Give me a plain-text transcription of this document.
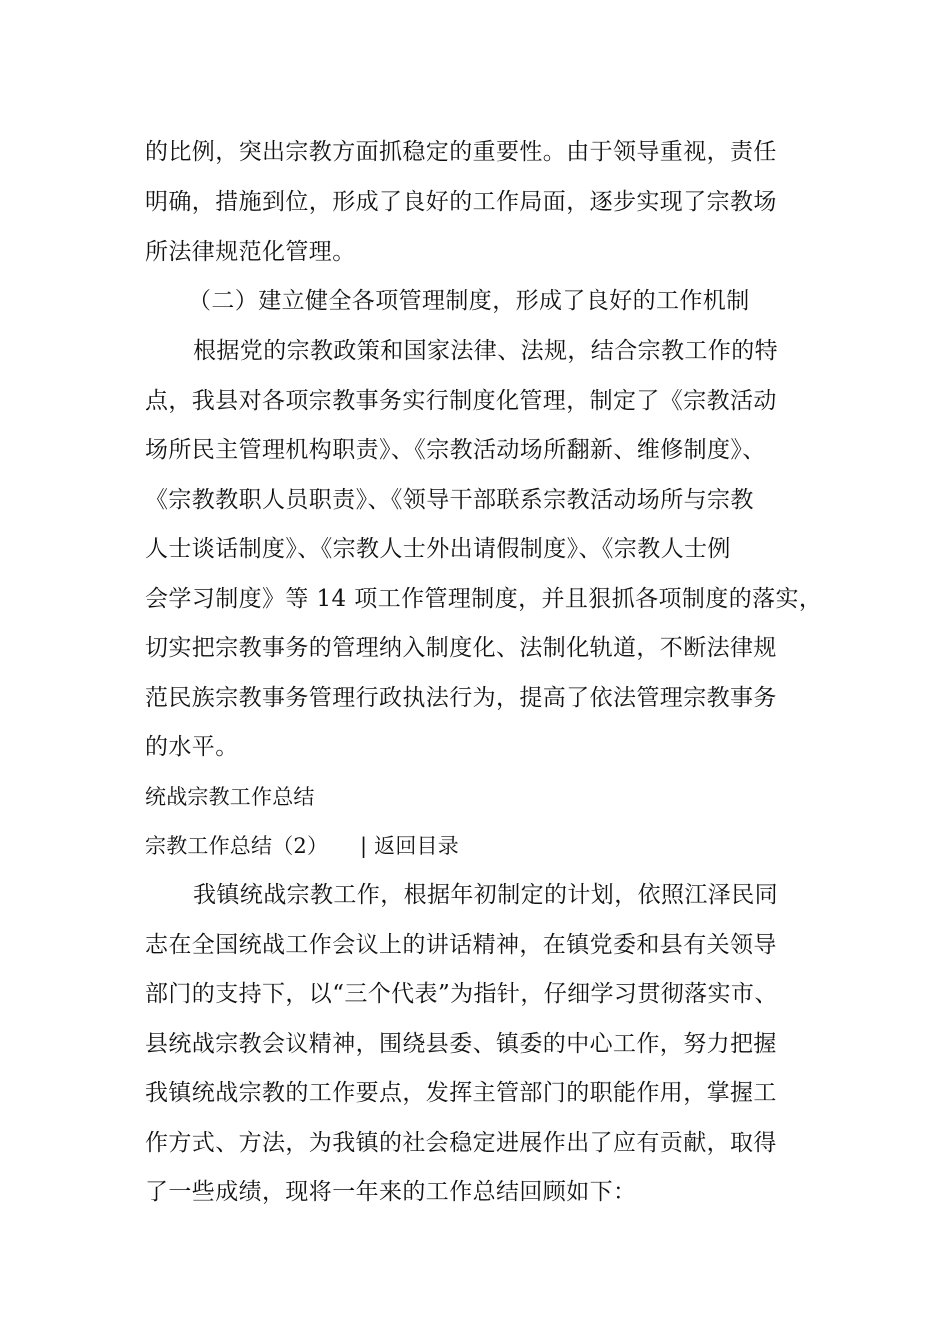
的比例，突出宗教方面抓稳定的重要性。由于领导重视，责任
明确，措施到位，形成了良好的工作局面，逐步实现了宗教场
所法律规范化管理。
（二）建立健全各项管理制度，形成了良好的工作机制
根据党的宗教政策和国家法律、法规，结合宗教工作的特
点，我县对各项宗教事务实行制度化管理，制定了《宗教活动
场所民主管理机构职责》、《宗教活动场所翻新、维修制度》、
《宗教教职人员职责》、《领导干部联系宗教活动场所与宗教
人士谈话制度》、《宗教人士外出请假制度》、《宗教人士例
会学习制度》等 14 项工作管理制度，并且狠抓各项制度的落实，
切实把宗教事务的管理纳入制度化、法制化轨道，不断法律规
范民族宗教事务管理行政执法行为，提高了依法管理宗教事务
的水平。
统战宗教工作总结
宗教工作总结（2）	| 返回目录
我镇统战宗教工作，根据年初制定的计划，依照江泽民同
志在全国统战工作会议上的讲话精神，在镇党委和县有关领导
部门的支持下，以“三个代表”为指针，仔细学习贯彻落实市、
县统战宗教会议精神，围绕县委、镇委的中心工作，努力把握
我镇统战宗教的工作要点，发挥主管部门的职能作用，掌握工
作方式、方法，为我镇的社会稳定进展作出了应有贡献，取得
了一些成绩，现将一年来的工作总结回顾如下：
